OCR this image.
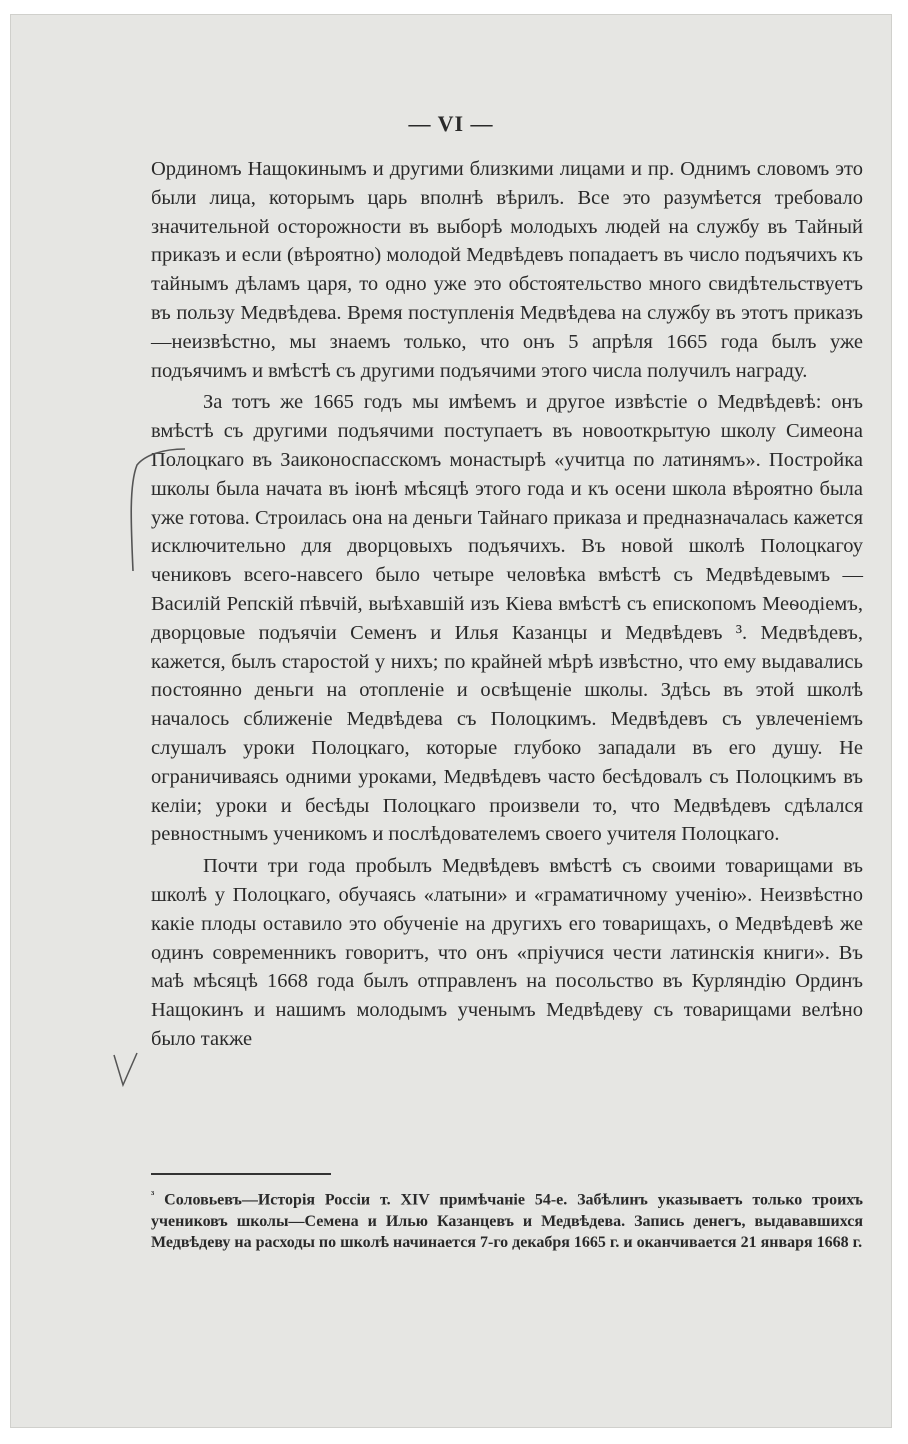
— VI —

Ординомъ Нащокинымъ и другими близкими лицами и пр. Однимъ словомъ это были лица, которымъ царь вполнѣ вѣрилъ. Все это разумѣется требовало значительной осторожности въ выборѣ молодыхъ людей на службу въ Тайный приказъ и если (вѣроятно) молодой Медвѣдевъ попадаетъ въ число подъячихъ къ тайнымъ дѣламъ царя, то одно уже это обстоятельство много свидѣтельствуетъ въ пользу Медвѣдева. Время поступленія Медвѣдева на службу въ этотъ приказъ—неизвѣстно, мы знаемъ только, что онъ 5 апрѣля 1665 года былъ уже подъячимъ и вмѣстѣ съ другими подъячими этого числа получилъ награду.

За тотъ же 1665 годъ мы имѣемъ и другое извѣстіе о Медвѣдевѣ: онъ вмѣстѣ съ другими подъячими поступаетъ въ новооткрытую школу Симеона Полоцкаго въ Заиконоспасскомъ монастырѣ «учитца по латинямъ». Постройка школы была начата въ іюнѣ мѣсяцѣ этого года и къ осени школа вѣроятно была уже готова. Строилась она на деньги Тайнаго приказа и предназначалась кажется исключительно для дворцовыхъ подъячихъ. Въ новой школѣ Полоцкагоу чениковъ всего-навсего было четыре человѣка вмѣстѣ съ Медвѣдевымъ — Василій Репскій пѣвчій, выѣхавшій изъ Кіева вмѣстѣ съ епископомъ Меѳодіемъ, дворцовые подъячіи Семенъ и Илья Казанцы и Медвѣдевъ ³. Медвѣдевъ, кажется, былъ старостой у нихъ; по крайней мѣрѣ извѣстно, что ему выдавались постоянно деньги на отопленіе и освѣщеніе школы. Здѣсь въ этой школѣ началось сближеніе Медвѣдева съ Полоцкимъ. Медвѣдевъ съ увлеченіемъ слушалъ уроки Полоцкаго, которые глубоко западали въ его душу. Не ограничиваясь одними уроками, Медвѣдевъ часто бесѣдовалъ съ Полоцкимъ въ келіи; уроки и бесѣды Полоцкаго произвели то, что Медвѣдевъ сдѣлался ревностнымъ ученикомъ и послѣдователемъ своего учителя Полоцкаго.

Почти три года пробылъ Медвѣдевъ вмѣстѣ съ своими товарищами въ школѣ у Полоцкаго, обучаясь «латыни» и «граматичному ученію». Неизвѣстно какіе плоды оставило это обученіе на другихъ его товарищахъ, о Медвѣдевѣ же одинъ современникъ говоритъ, что онъ «пріучися чести латинскія книги». Въ маѣ мѣсяцѣ 1668 года былъ отправленъ на посольство въ Курляндію Ординъ Нащокинъ и нашимъ молодымъ ученымъ Медвѣдеву съ товарищами велѣно было также

$^{^3}$ Соловьевъ—Исторія Россіи т. XIV примѣчаніе 54-е. Забѣлинъ указываетъ только троихъ учениковъ школы—Семена и Илью Казанцевъ и Медвѣдева. Запись денегъ, выдававшихся Медвѣдеву на расходы по школѣ начинается 7-го декабря 1665 г. и оканчивается 21 января 1668 г.
